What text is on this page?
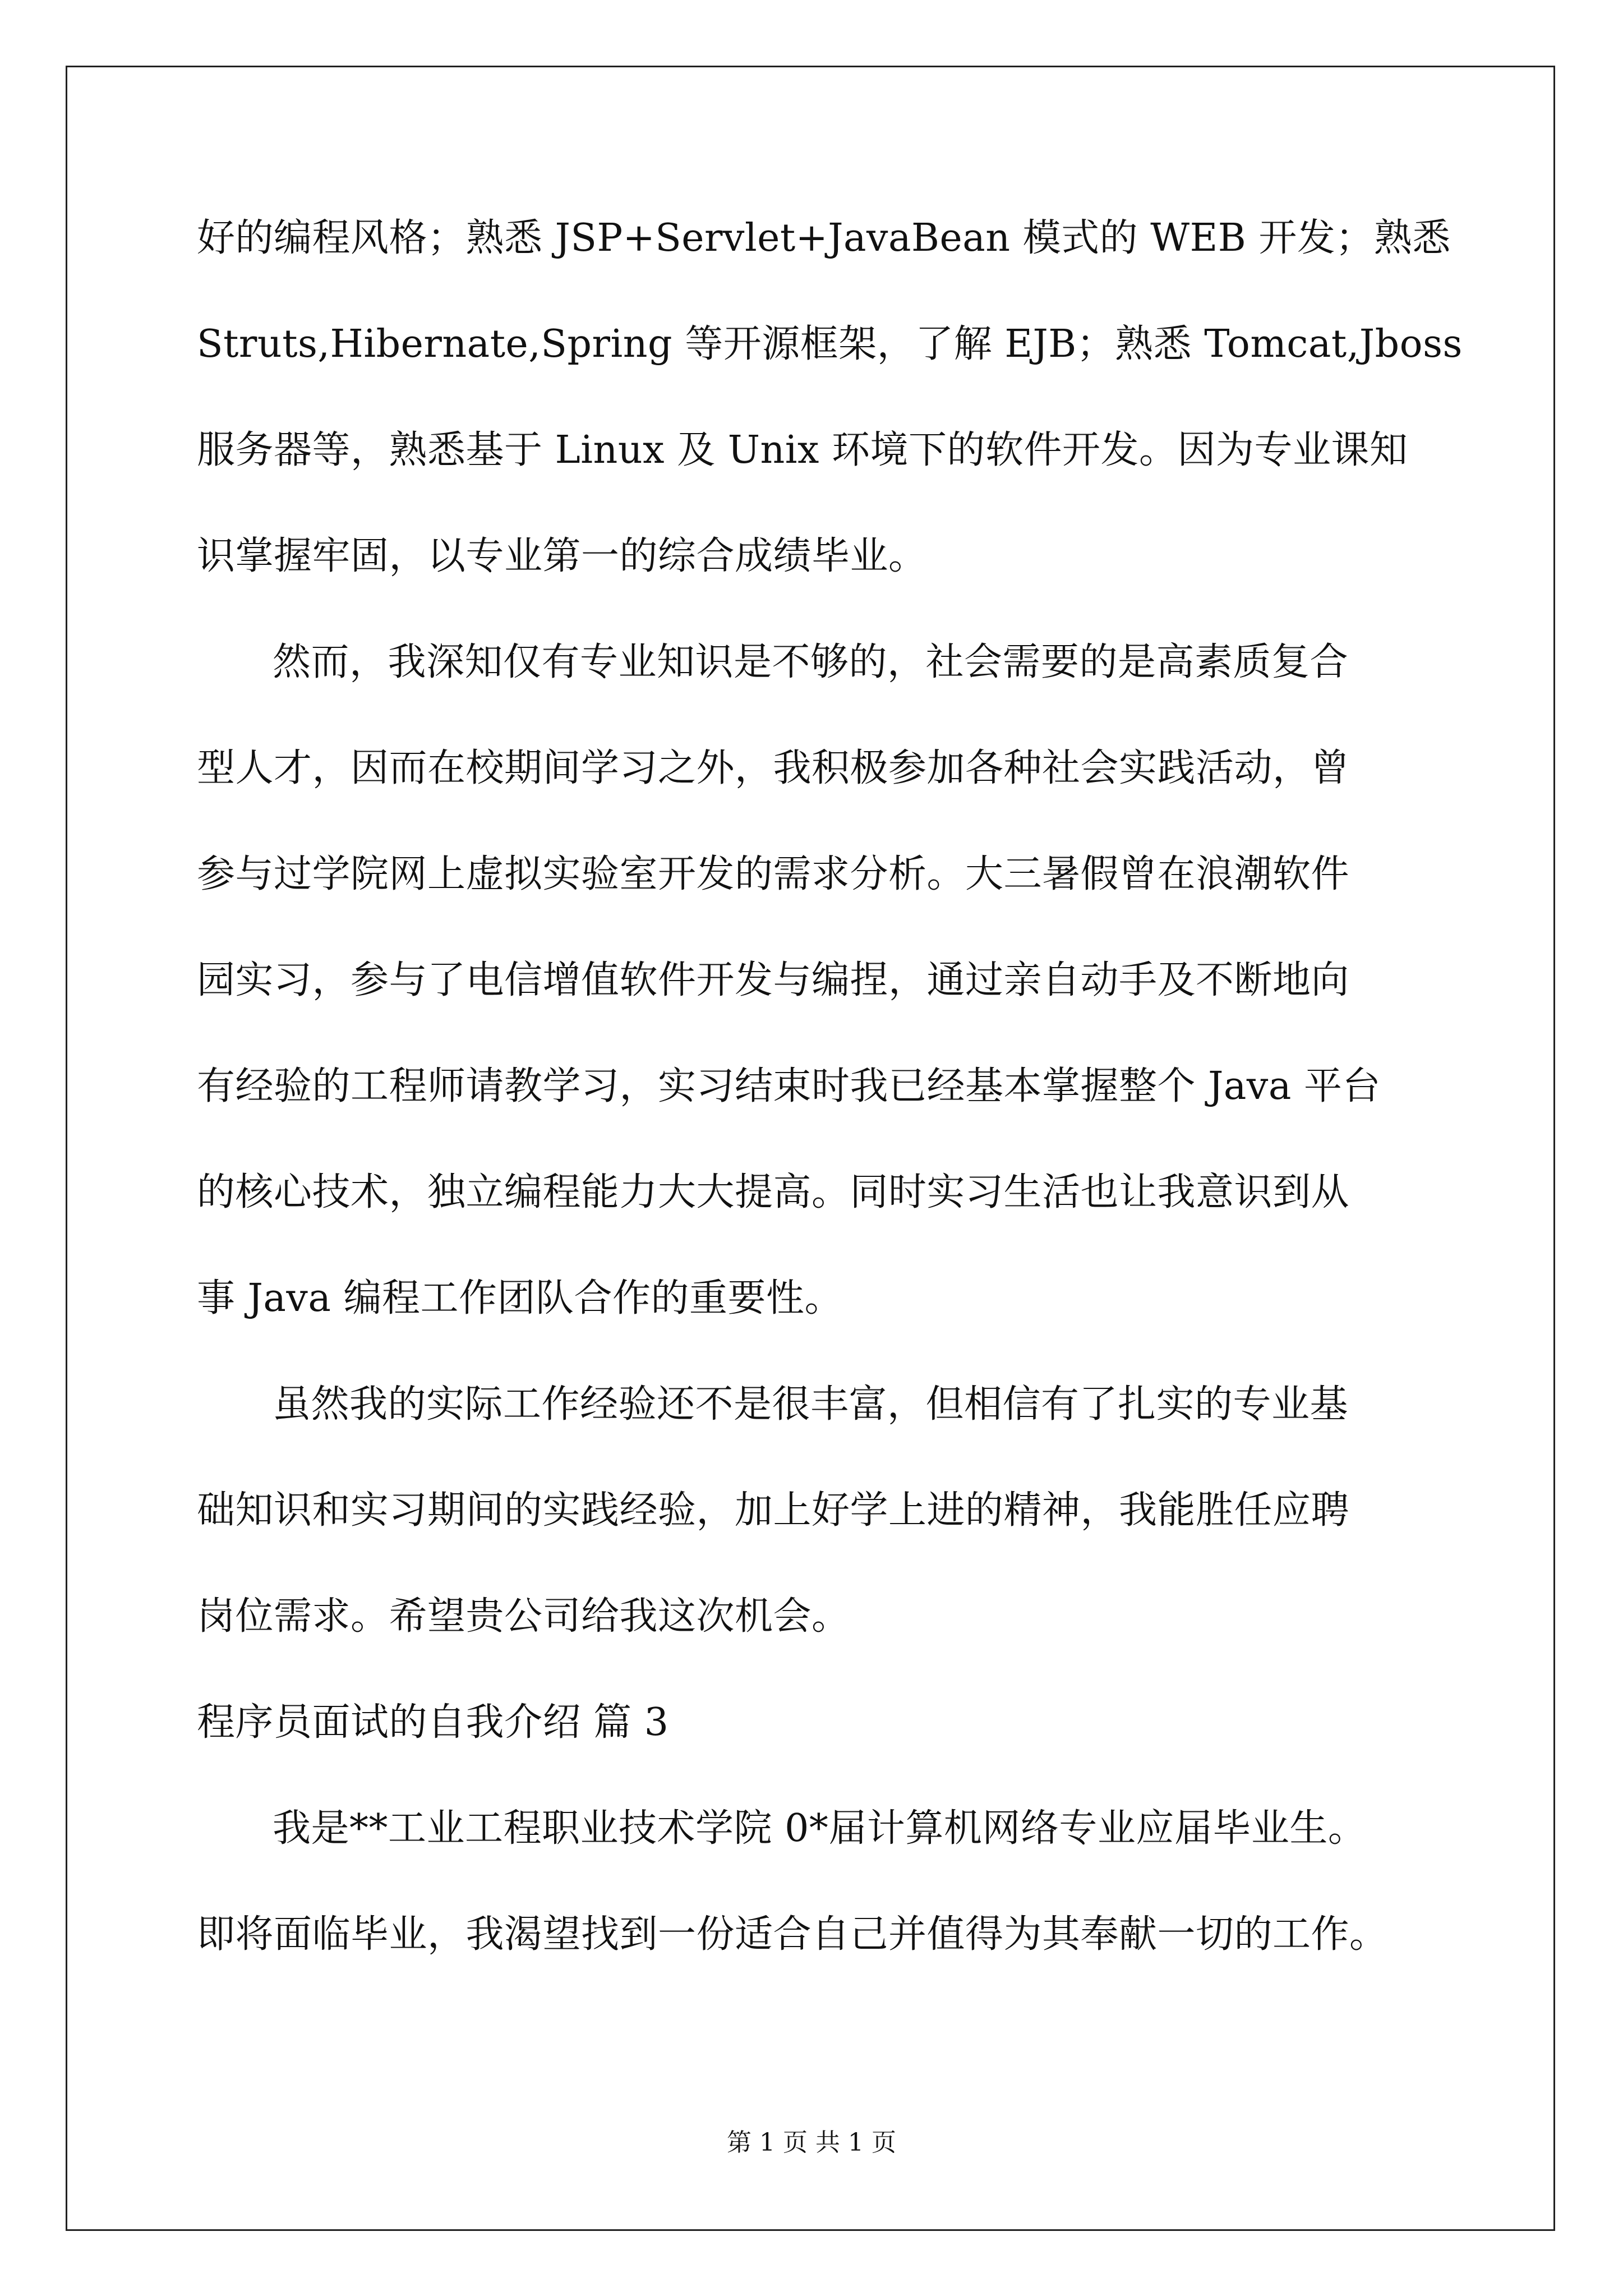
好的编程风格；熟悉 JSP+Servlet+JavaBean 模式的 WEB 开发；熟悉
Struts,Hibernate,Spring 等开源框架，了解 EJB；熟悉 Tomcat,Jboss
服务器等，熟悉基于 Linux 及 Unix 环境下的软件开发。因为专业课知
识掌握牢固，以专业第一的综合成绩毕业。
然而，我深知仅有专业知识是不够的，社会需要的是高素质复合
型人才，因而在校期间学习之外，我积极参加各种社会实践活动，曾
参与过学院网上虚拟实验室开发的需求分析。大三暑假曾在浪潮软件
园实习，参与了电信增值软件开发与编捏，通过亲自动手及不断地向
有经验的工程师请教学习，实习结束时我已经基本掌握整个 Java 平台
的核心技术，独立编程能力大大提高。同时实习生活也让我意识到从
事 Java 编程工作团队合作的重要性。
虽然我的实际工作经验还不是很丰富，但相信有了扎实的专业基
础知识和实习期间的实践经验，加上好学上进的精神，我能胜任应聘
岗位需求。希望贵公司给我这次机会。
程序员面试的自我介绍 篇 3
我是**工业工程职业技术学院 0*届计算机网络专业应届毕业生。
即将面临毕业，我渴望找到一份适合自己并值得为其奉献一切的工作。
第 1 页 共 1 页
